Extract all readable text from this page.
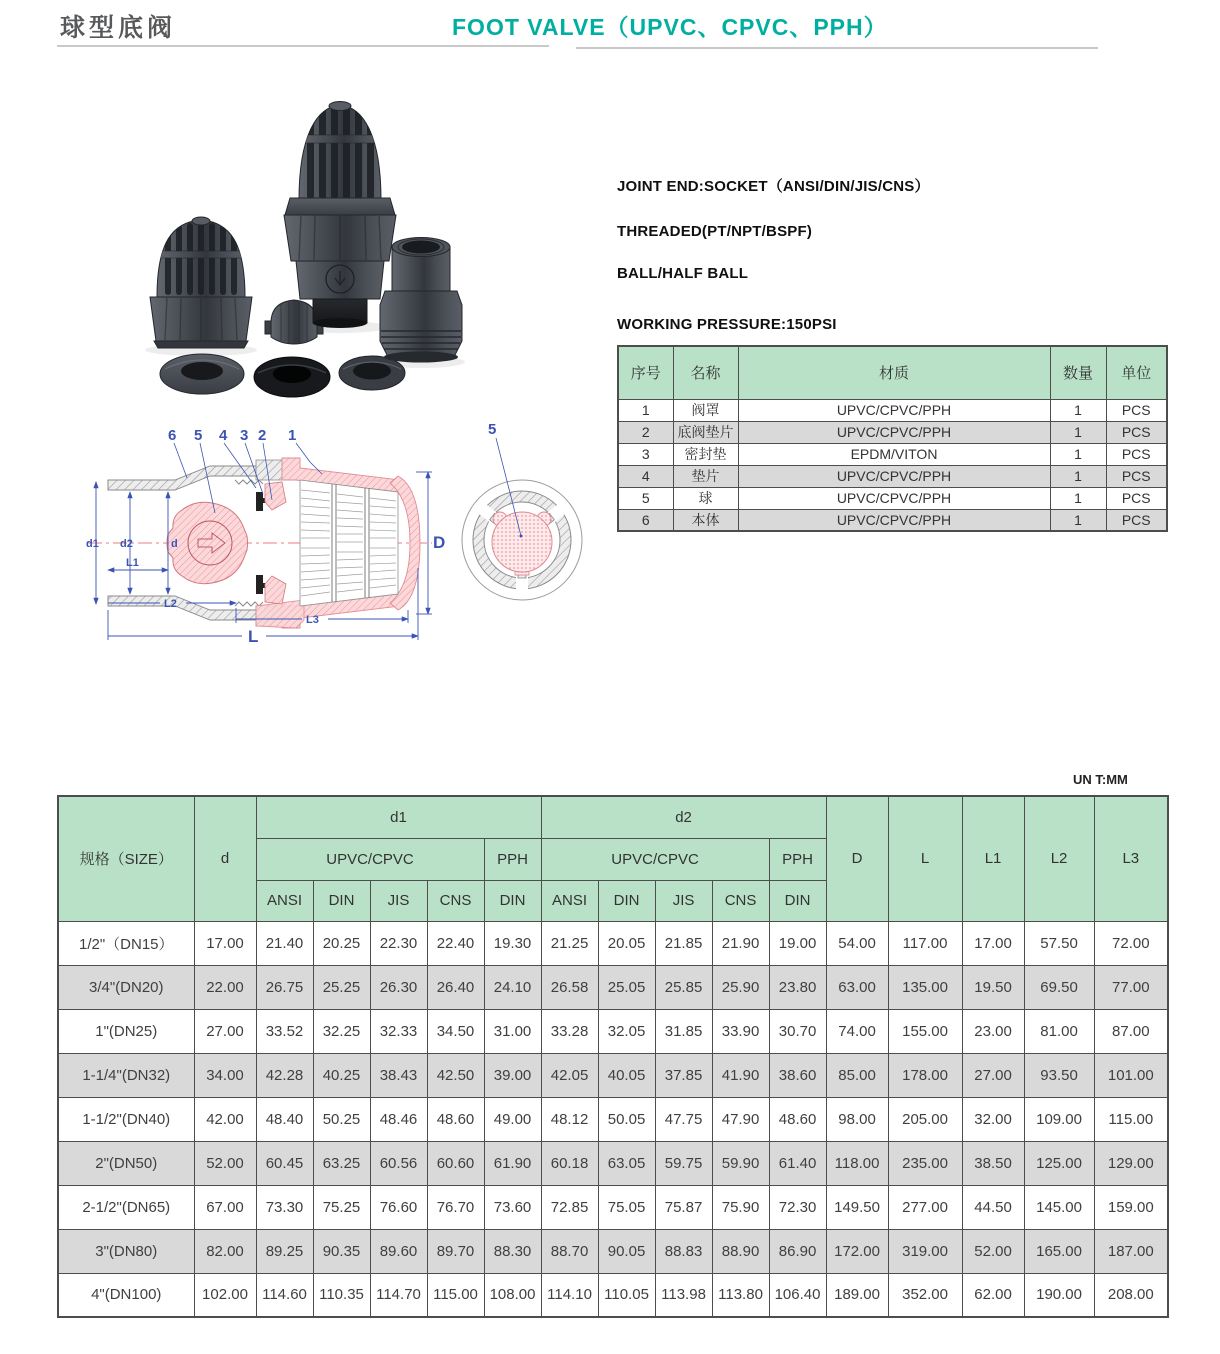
球型底阀	FOOT VALVE（UPVC、CPVC、PPH）
JOINT END:SOCKET（ANSI/DIN/JIS/CNS）
THREADED(PT/NPT/BSPF)
BALL/HALF BALL
WORKING PRESSURE:150PSI
序号	名称	材质	数量	单位
1	阀罩	UPVC/CPVC/PPH	1	PCS
2	底阀垫片	UPVC/CPVC/PPH	1	PCS
3	密封垫	EPDM/VITON	1	PCS
4	垫片	UPVC/CPVC/PPH	1	PCS
5	球	UPVC/CPVC/PPH	1	PCS
6	本体	UPVC/CPVC/PPH	1	PCS
6 5 4 3 2 1
d1 d2	d
L1
L2
L3
L
D
5
UN T:MM
规格（SIZE）	d	d1					d2					D	L	L1	L2	L3
		UPVC/CPVC				PPH	UPVC/CPVC				PPH					
		ANSI	DIN	JIS	CNS	DIN	ANSI	DIN	JIS	CNS	DIN					
1/2"（DN15）	17.00	21.40	20.25	22.30	22.40	19.30	21.25	20.05	21.85	21.90	19.00	54.00	117.00	17.00	57.50	72.00
3/4"(DN20)	22.00	26.75	25.25	26.30	26.40	24.10	26.58	25.05	25.85	25.90	23.80	63.00	135.00	19.50	69.50	77.00
1"(DN25)	27.00	33.52	32.25	32.33	34.50	31.00	33.28	32.05	31.85	33.90	30.70	74.00	155.00	23.00	81.00	87.00
1-1/4"(DN32)	34.00	42.28	40.25	38.43	42.50	39.00	42.05	40.05	37.85	41.90	38.60	85.00	178.00	27.00	93.50	101.00
1-1/2"(DN40)	42.00	48.40	50.25	48.46	48.60	49.00	48.12	50.05	47.75	47.90	48.60	98.00	205.00	32.00	109.00	115.00
2"(DN50)	52.00	60.45	63.25	60.56	60.60	61.90	60.18	63.05	59.75	59.90	61.40	118.00	235.00	38.50	125.00	129.00
2-1/2"(DN65)	67.00	73.30	75.25	76.60	76.70	73.60	72.85	75.05	75.87	75.90	72.30	149.50	277.00	44.50	145.00	159.00
3"(DN80)	82.00	89.25	90.35	89.60	89.70	88.30	88.70	90.05	88.83	88.90	86.90	172.00	319.00	52.00	165.00	187.00
4"(DN100)	102.00	114.60	110.35	114.70	115.00	108.00	114.10	110.05	113.98	113.80	106.40	189.00	352.00	62.00	190.00	208.00
